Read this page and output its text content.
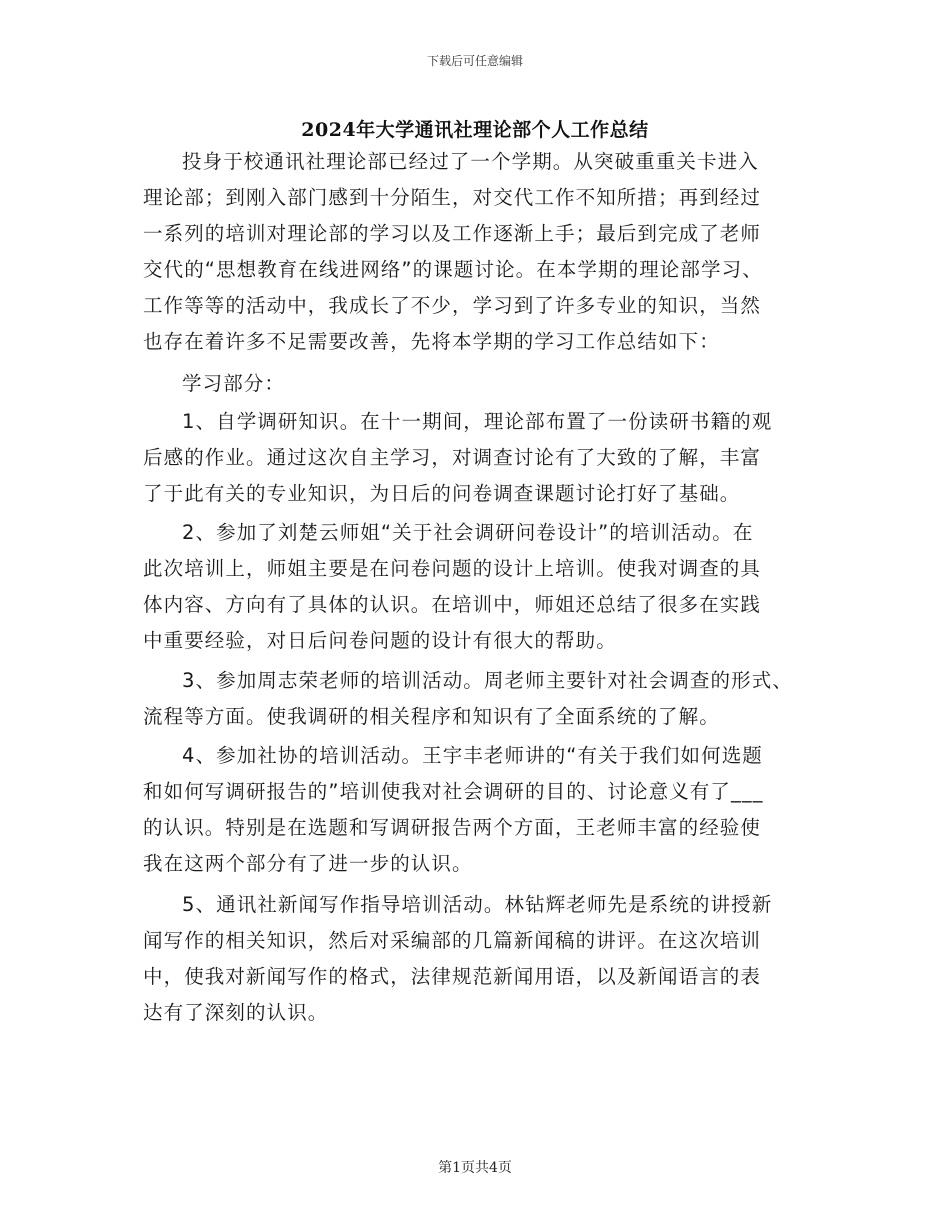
下载后可任意编辑
2024年大学通讯社理论部个人工作总结
投身于校通讯社理论部已经过了一个学期。从突破重重关卡进入
理论部；到刚入部门感到十分陌生，对交代工作不知所措；再到经过
一系列的培训对理论部的学习以及工作逐渐上手；最后到完成了老师
交代的“思想教育在线进网络”的课题讨论。在本学期的理论部学习、
工作等等的活动中，我成长了不少，学习到了许多专业的知识，当然
也存在着许多不足需要改善，先将本学期的学习工作总结如下：
学习部分：
1、自学调研知识。在十一期间，理论部布置了一份读研书籍的观
后感的作业。通过这次自主学习，对调查讨论有了大致的了解，丰富
了于此有关的专业知识，为日后的问卷调查课题讨论打好了基础。
2、参加了刘楚云师姐“关于社会调研问卷设计”的培训活动。在
此次培训上，师姐主要是在问卷问题的设计上培训。使我对调查的具
体内容、方向有了具体的认识。在培训中，师姐还总结了很多在实践
中重要经验，对日后问卷问题的设计有很大的帮助。
3、参加周志荣老师的培训活动。周老师主要针对社会调查的形式、
流程等方面。使我调研的相关程序和知识有了全面系统的了解。
4、参加社协的培训活动。王宇丰老师讲的“有关于我们如何选题
和如何写调研报告的”培训使我对社会调研的目的、讨论意义有了___
的认识。特别是在选题和写调研报告两个方面，王老师丰富的经验使
我在这两个部分有了进一步的认识。
5、通讯社新闻写作指导培训活动。林钻辉老师先是系统的讲授新
闻写作的相关知识，然后对采编部的几篇新闻稿的讲评。在这次培训
中，使我对新闻写作的格式，法律规范新闻用语，以及新闻语言的表
达有了深刻的认识。
第1页共4页
